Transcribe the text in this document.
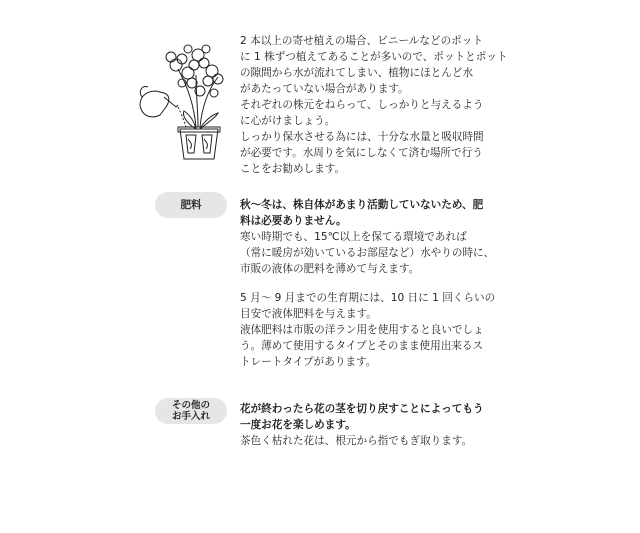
2 本以上の寄せ植えの場合、ビニールなどのポット
に 1 株ずつ植えてあることが多いので、ポットとポット
の隙間から水が流れてしまい、植物にほとんど水
があたっていない場合があります。
それぞれの株元をねらって、しっかりと与えるよう
に心がけましょう。
しっかり保水させる為には、十分な水量と吸収時間
が必要です。水周りを気にしなくて済む場所で行う
ことをお勧めします。

肥料	秋～冬は、株自体があまり活動していないため、肥
料は必要ありません。
寒い時期でも、15℃以上を保てる環境であれば
（常に暖房が効いているお部屋など）水やりの時に、
市販の液体の肥料を薄めて与えます。

5 月～ 9 月までの生育期には、10 日に 1 回くらいの
目安で液体肥料を与えます。
液体肥料は市販の洋ラン用を使用すると良いでしょ
う。薄めて使用するタイプとそのまま使用出来るス
トレートタイプがあります。

その他の
お手入れ

花が終わったら花の茎を切り戻すことによってもう
一度お花を楽しめます。
茶色く枯れた花は、根元から指でもぎ取ります。
